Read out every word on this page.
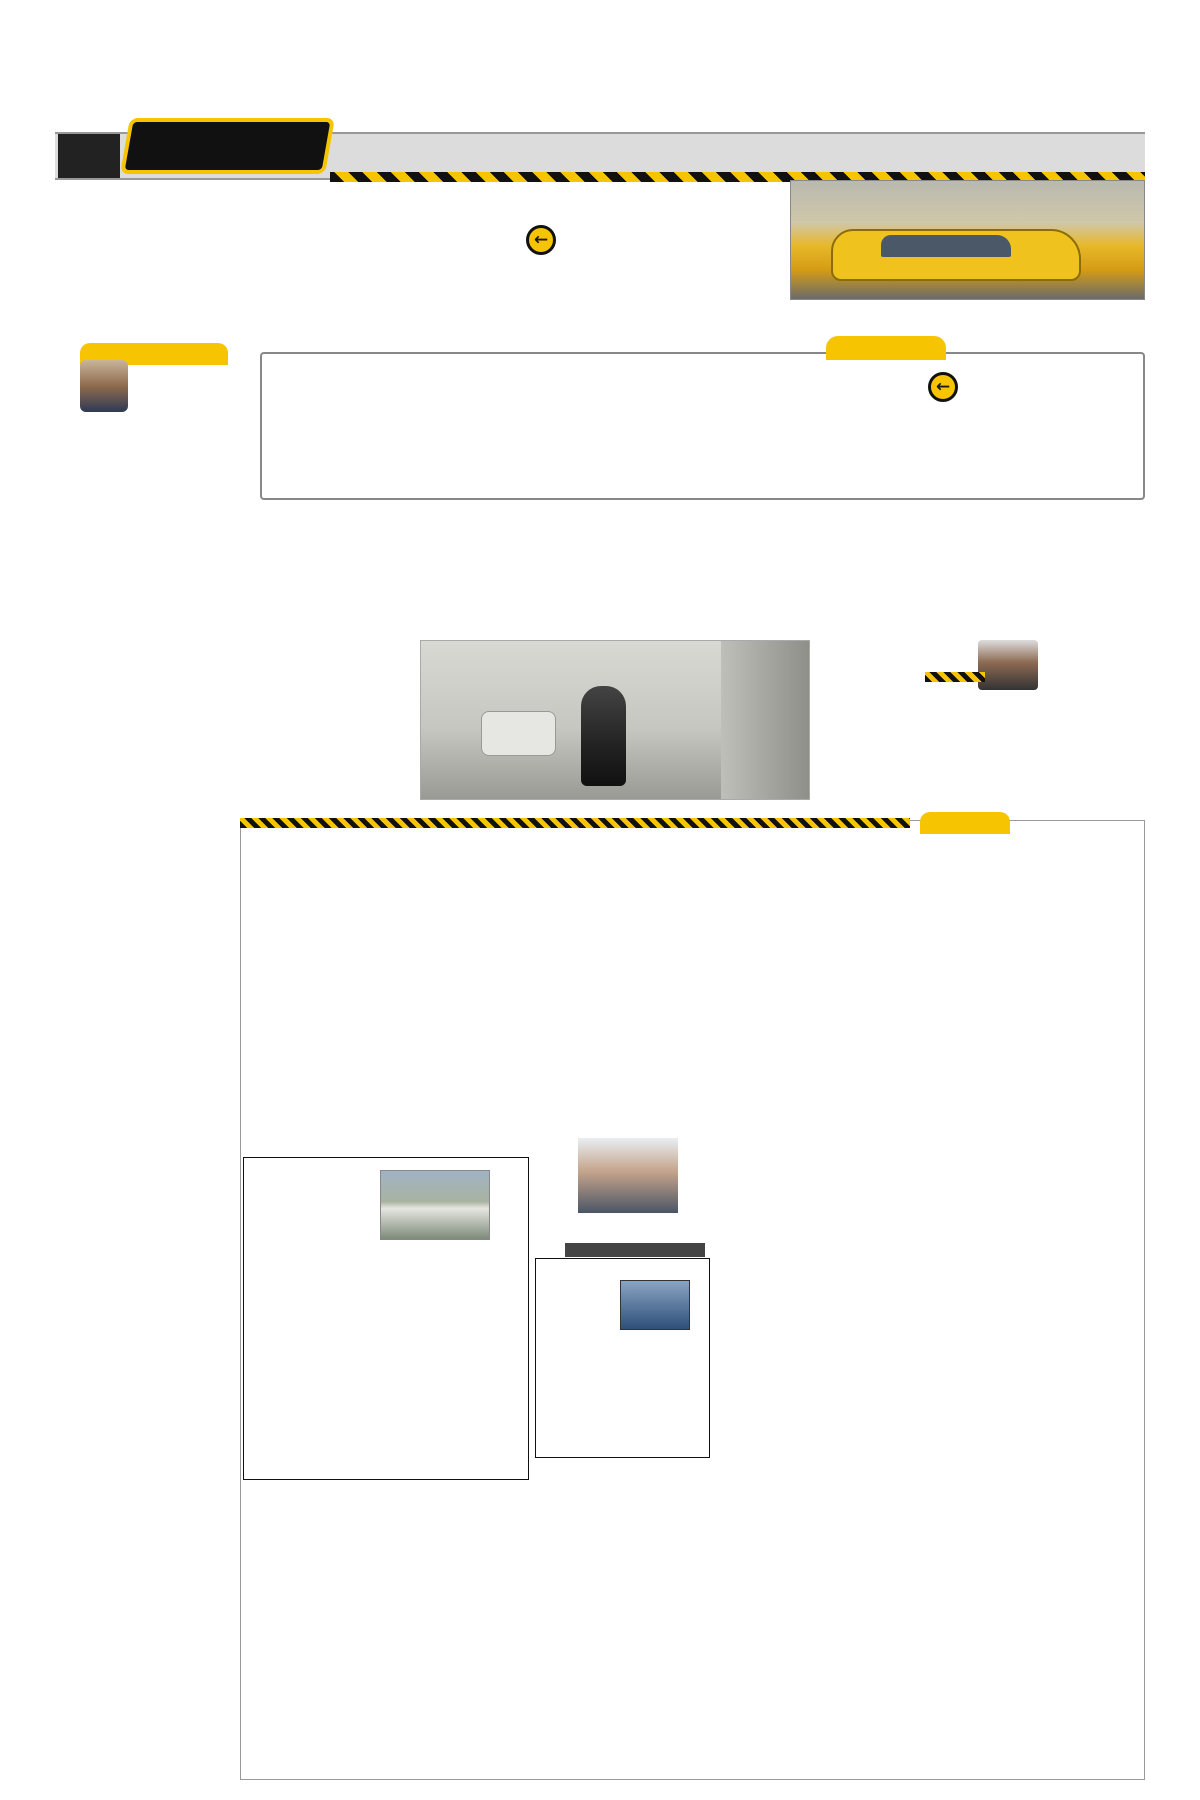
←
←
